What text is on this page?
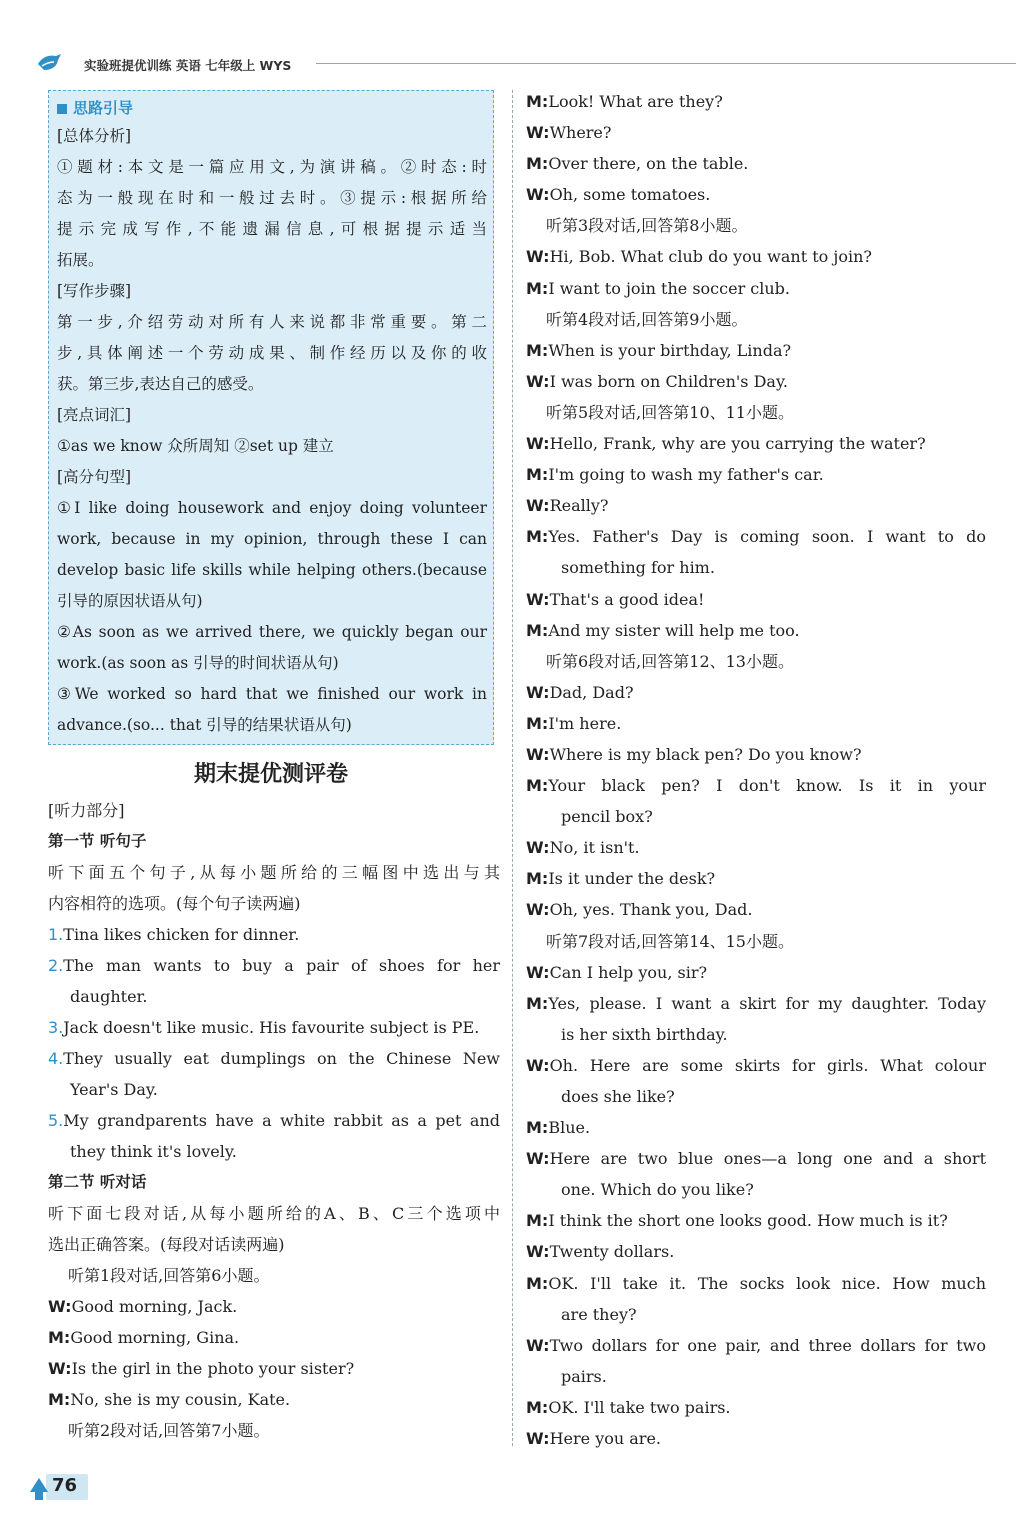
实验班提优训练 英语 七年级上 WYS
思路引导
[总体分析]
①题材:本文是一篇应用文,为演讲稿。②时态:时
态为一般现在时和一般过去时。③提示:根据所给
提示完成写作,不能遗漏信息,可根据提示适当
拓展。
[写作步骤]
第一步,介绍劳动对所有人来说都非常重要。第二
步,具体阐述一个劳动成果、制作经历以及你的收
获。第三步,表达自己的感受。
[亮点词汇]
①as we know 众所周知 ②set up 建立
[高分句型]
①I like doing housework and enjoy doing volunteer
work, because in my opinion, through these I can
develop basic life skills while helping others.(because
引导的原因状语从句)
②As soon as we arrived there, we quickly began our
work.(as soon as 引导的时间状语从句)
③We worked so hard that we finished our work in
advance.(so... that 引导的结果状语从句)
期末提优测评卷
[听力部分]
第一节 听句子
听下面五个句子,从每小题所给的三幅图中选出与其
内容相符的选项。(每个句子读两遍)
1.Tina likes chicken for dinner.
2.The man wants to buy a pair of shoes for her
daughter.
3.Jack doesn't like music. His favourite subject is PE.
4.They usually eat dumplings on the Chinese New
Year's Day.
5.My grandparents have a white rabbit as a pet and
they think it's lovely.
第二节 听对话
听下面七段对话,从每小题所给的A、B、C三个选项中
选出正确答案。(每段对话读两遍)
听第1段对话,回答第6小题。
W:Good morning, Jack.
M:Good morning, Gina.
W:Is the girl in the photo your sister?
M:No, she is my cousin, Kate.
听第2段对话,回答第7小题。
M:Look! What are they?
W:Where?
M:Over there, on the table.
W:Oh, some tomatoes.
听第3段对话,回答第8小题。
W:Hi, Bob. What club do you want to join?
M:I want to join the soccer club.
听第4段对话,回答第9小题。
M:When is your birthday, Linda?
W:I was born on Children's Day.
听第5段对话,回答第10、11小题。
W:Hello, Frank, why are you carrying the water?
M:I'm going to wash my father's car.
W:Really?
M:Yes. Father's Day is coming soon. I want to do
something for him.
W:That's a good idea!
M:And my sister will help me too.
听第6段对话,回答第12、13小题。
W:Dad, Dad?
M:I'm here.
W:Where is my black pen? Do you know?
M:Your black pen? I don't know. Is it in your
pencil box?
W:No, it isn't.
M:Is it under the desk?
W:Oh, yes. Thank you, Dad.
听第7段对话,回答第14、15小题。
W:Can I help you, sir?
M:Yes, please. I want a skirt for my daughter. Today
is her sixth birthday.
W:Oh. Here are some skirts for girls. What colour
does she like?
M:Blue.
W:Here are two blue ones—a long one and a short
one. Which do you like?
M:I think the short one looks good. How much is it?
W:Twenty dollars.
M:OK. I'll take it. The socks look nice. How much
are they?
W:Two dollars for one pair, and three dollars for two
pairs.
M:OK. I'll take two pairs.
W:Here you are.
76
